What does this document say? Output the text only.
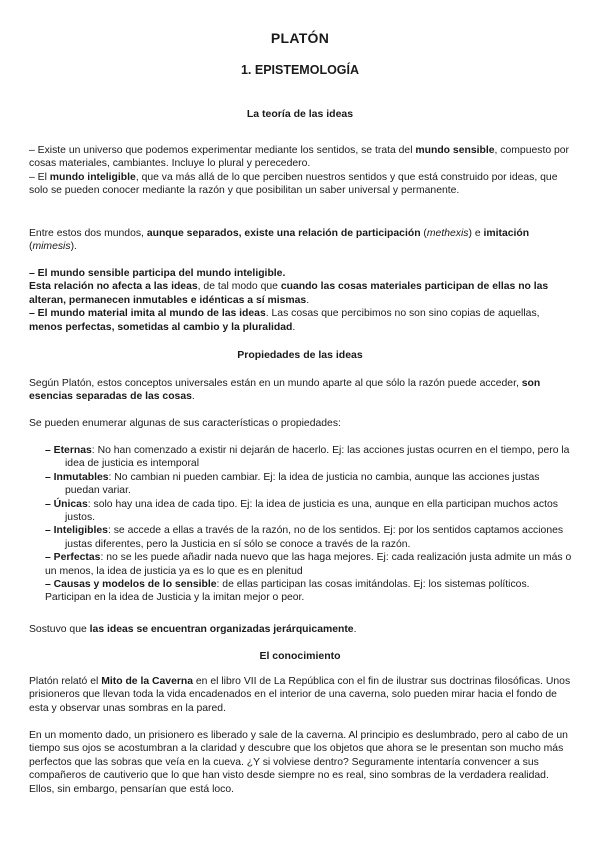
PLATÓN
1. EPISTEMOLOGÍA
La teoría de las ideas

– Existe un universo que podemos experimentar mediante los sentidos, se trata del mundo sensible, compuesto por cosas materiales, cambiantes. Incluye lo plural y perecedero.

– El mundo inteligible, que va más allá de lo que perciben nuestros sentidos y que está construido por ideas, que solo se pueden conocer mediante la razón y que posibilitan un saber universal y permanente.

Entre estos dos mundos, aunque separados, existe una relación de participación (methexis) e imitación (mimesis).

– El mundo sensible participa del mundo inteligible.

Esta relación no afecta a las ideas, de tal modo que cuando las cosas materiales participan de ellas no las alteran, permanecen inmutables e idénticas a sí mismas.

– El mundo material imita al mundo de las ideas. Las cosas que percibimos no son sino copias de aquellas, menos perfectas, sometidas al cambio y la pluralidad.

Propiedades de las ideas

Según Platón, estos conceptos universales están en un mundo aparte al que sólo la razón puede acceder, son esencias separadas de las cosas.

Se pueden enumerar algunas de sus características o propiedades:

– Eternas: No han comenzado a existir ni dejarán de hacerlo. Ej: las acciones justas ocurren en el tiempo, pero la idea de justicia es intemporal

– Inmutables: No cambian ni pueden cambiar. Ej: la idea de justicia no cambia, aunque las acciones justas puedan variar.

– Únicas: solo hay una idea de cada tipo. Ej: la idea de justicia es una, aunque en ella participan muchos actos justos.

– Inteligibles: se accede a ellas a través de la razón, no de los sentidos. Ej: por los sentidos captamos acciones justas diferentes, pero la Justicia en sí sólo se conoce a través de la razón.

– Perfectas: no se les puede añadir nada nuevo que las haga mejores. Ej: cada realización justa admite un más o un menos, la idea de justicia ya es lo que es en plenitud

– Causas y modelos de lo sensible: de ellas participan las cosas imitándolas. Ej: los sistemas políticos. Participan en la idea de Justicia y la imitan mejor o peor.

Sostuvo que las ideas se encuentran organizadas jerárquicamente.

El conocimiento

Platón relató el Mito de la Caverna en el libro VII de La República con el fin de ilustrar sus doctrinas filosóficas. Unos prisioneros que llevan toda la vida encadenados en el interior de una caverna, solo pueden mirar hacia el fondo de esta y observar unas sombras en la pared.

En un momento dado, un prisionero es liberado y sale de la caverna. Al principio es deslumbrado, pero al cabo de un tiempo sus ojos se acostumbran a la claridad y descubre que los objetos que ahora se le presentan son mucho más perfectos que las sobras que veía en la cueva. ¿Y si volviese dentro? Seguramente intentaría convencer a sus compañeros de cautiverio que lo que han visto desde siempre no es real, sino sombras de la verdadera realidad. Ellos, sin embargo, pensarían que está loco.
